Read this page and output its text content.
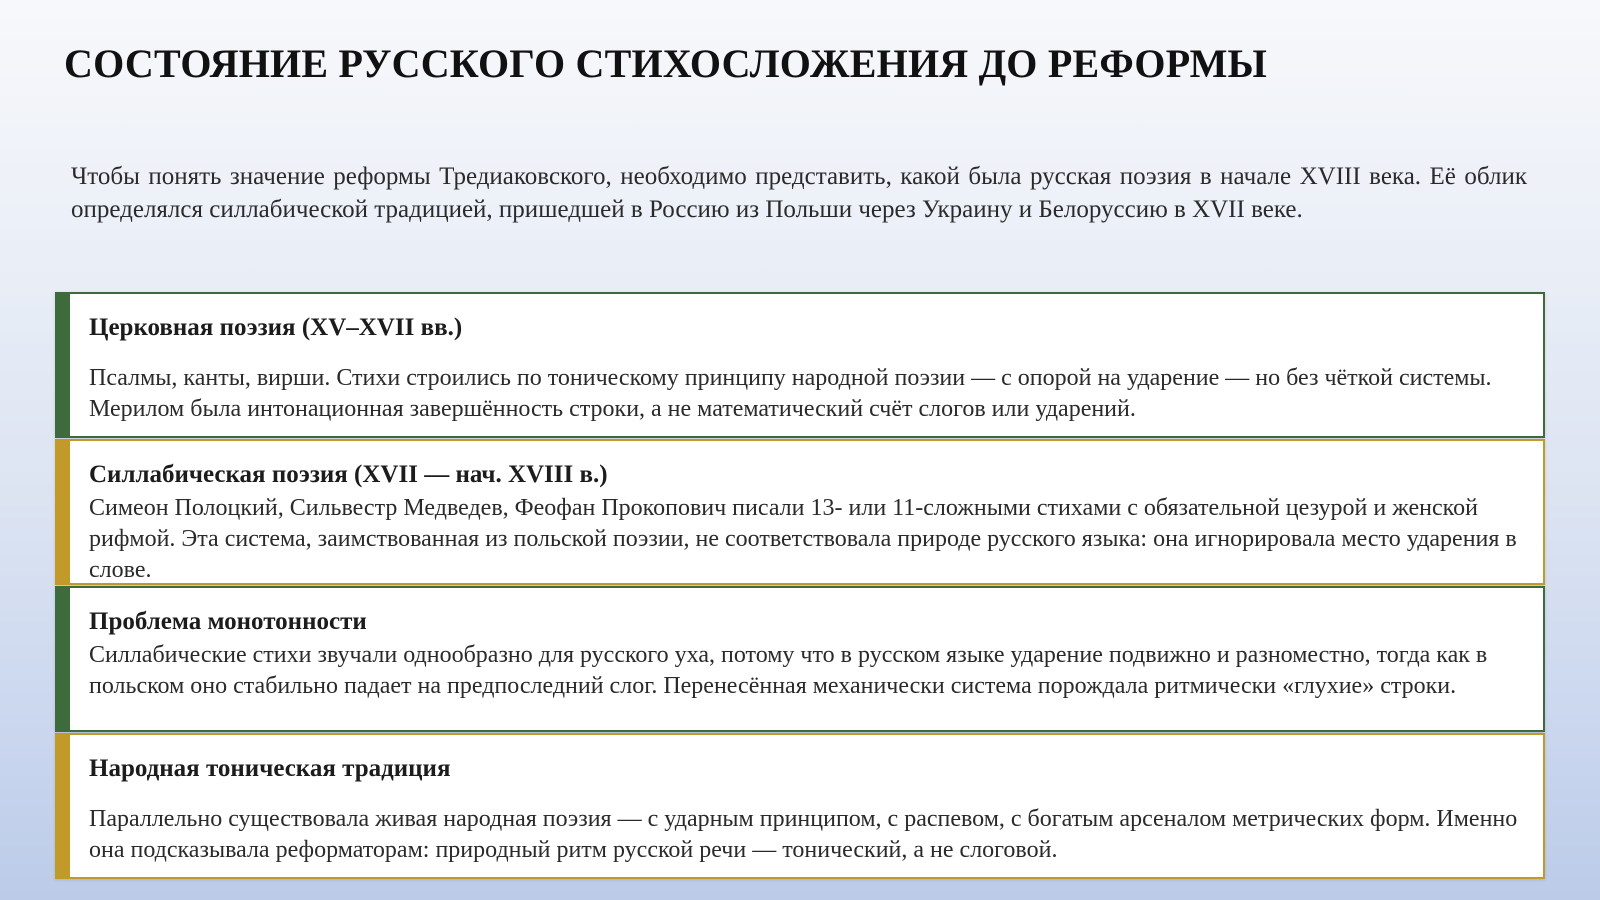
СОСТОЯНИЕ РУССКОГО СТИХОСЛОЖЕНИЯ ДО РЕФОРМЫ

Чтобы понять значение реформы Тредиаковского, необходимо представить, какой была русская поэзия в начале XVIII века. Её облик определялся силлабической традицией, пришедшей в Россию из Польши через Украину и Белоруссию в XVII веке.

Церковная поэзия (XV–XVII вв.)

Псалмы, канты, вирши. Стихи строились по тоническому принципу народной поэзии — с опорой на ударение — но без чёткой системы. Мерилом была интонационная завершённость строки, а не математический счёт слогов или ударений.

Силлабическая поэзия (XVII — нач. XVIII в.)

Симеон Полоцкий, Сильвестр Медведев, Феофан Прокопович писали 13- или 11-сложными стихами с обязательной цезурой и женской рифмой. Эта система, заимствованная из польской поэзии, не соответствовала природе русского языка: она игнорировала место ударения в слове.

Проблема монотонности

Силлабические стихи звучали однообразно для русского уха, потому что в русском языке ударение подвижно и разноместно, тогда как в польском оно стабильно падает на предпоследний слог. Перенесённая механически система порождала ритмически «глухие» строки.

Народная тоническая традиция

Параллельно существовала живая народная поэзия — с ударным принципом, с распевом, с богатым арсеналом метрических форм. Именно она подсказывала реформаторам: природный ритм русской речи — тонический, а не слоговой.
